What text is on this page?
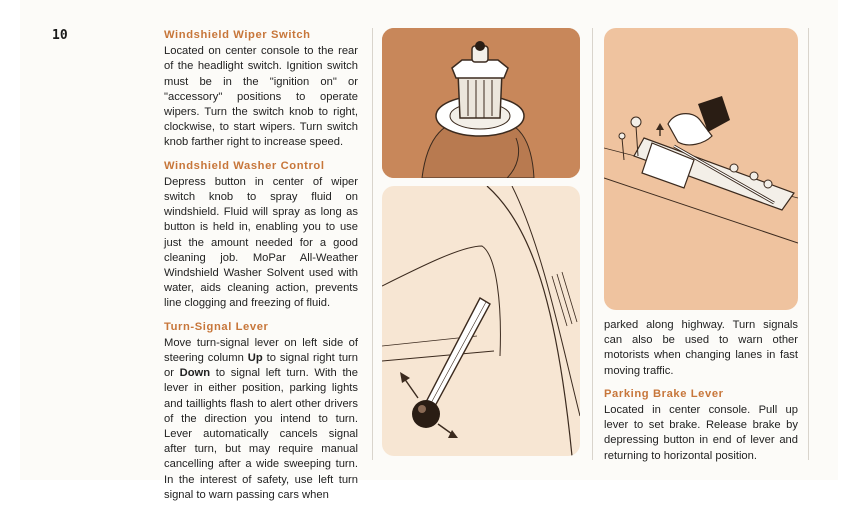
10	Windshield Wiper Switch

Located on center console to the rear of the headlight switch. Ignition switch must be in the "ignition on" or "accessory" positions to operate wipers. Turn the switch knob to right, clockwise, to start wipers. Turn switch knob farther right to increase speed.

Windshield Washer Control

Depress button in center of wiper switch knob to spray fluid on windshield. Fluid will spray as long as button is held in, enabling you to use just the amount needed for a good cleaning job. MoPar All-Weather Windshield Washer Solvent used with water, aids cleaning action, prevents line clogging and freezing of fluid.

Turn-Signal Lever

Move turn-signal lever on left side of steering column Up to signal right turn or Down to signal left turn. With the lever in either position, parking lights and taillights flash to alert other drivers of the direction you intend to turn. Lever automatically cancels signal after turn, but may require manual cancelling after a wide sweeping turn. In the interest of safety, use left turn signal to warn passing cars when

parked along highway. Turn signals can also be used to warn other motorists when changing lanes in fast moving traffic.

Parking Brake Lever

Located in center console. Pull up lever to set brake. Release brake by depressing button in end of lever and returning to horizontal position.
